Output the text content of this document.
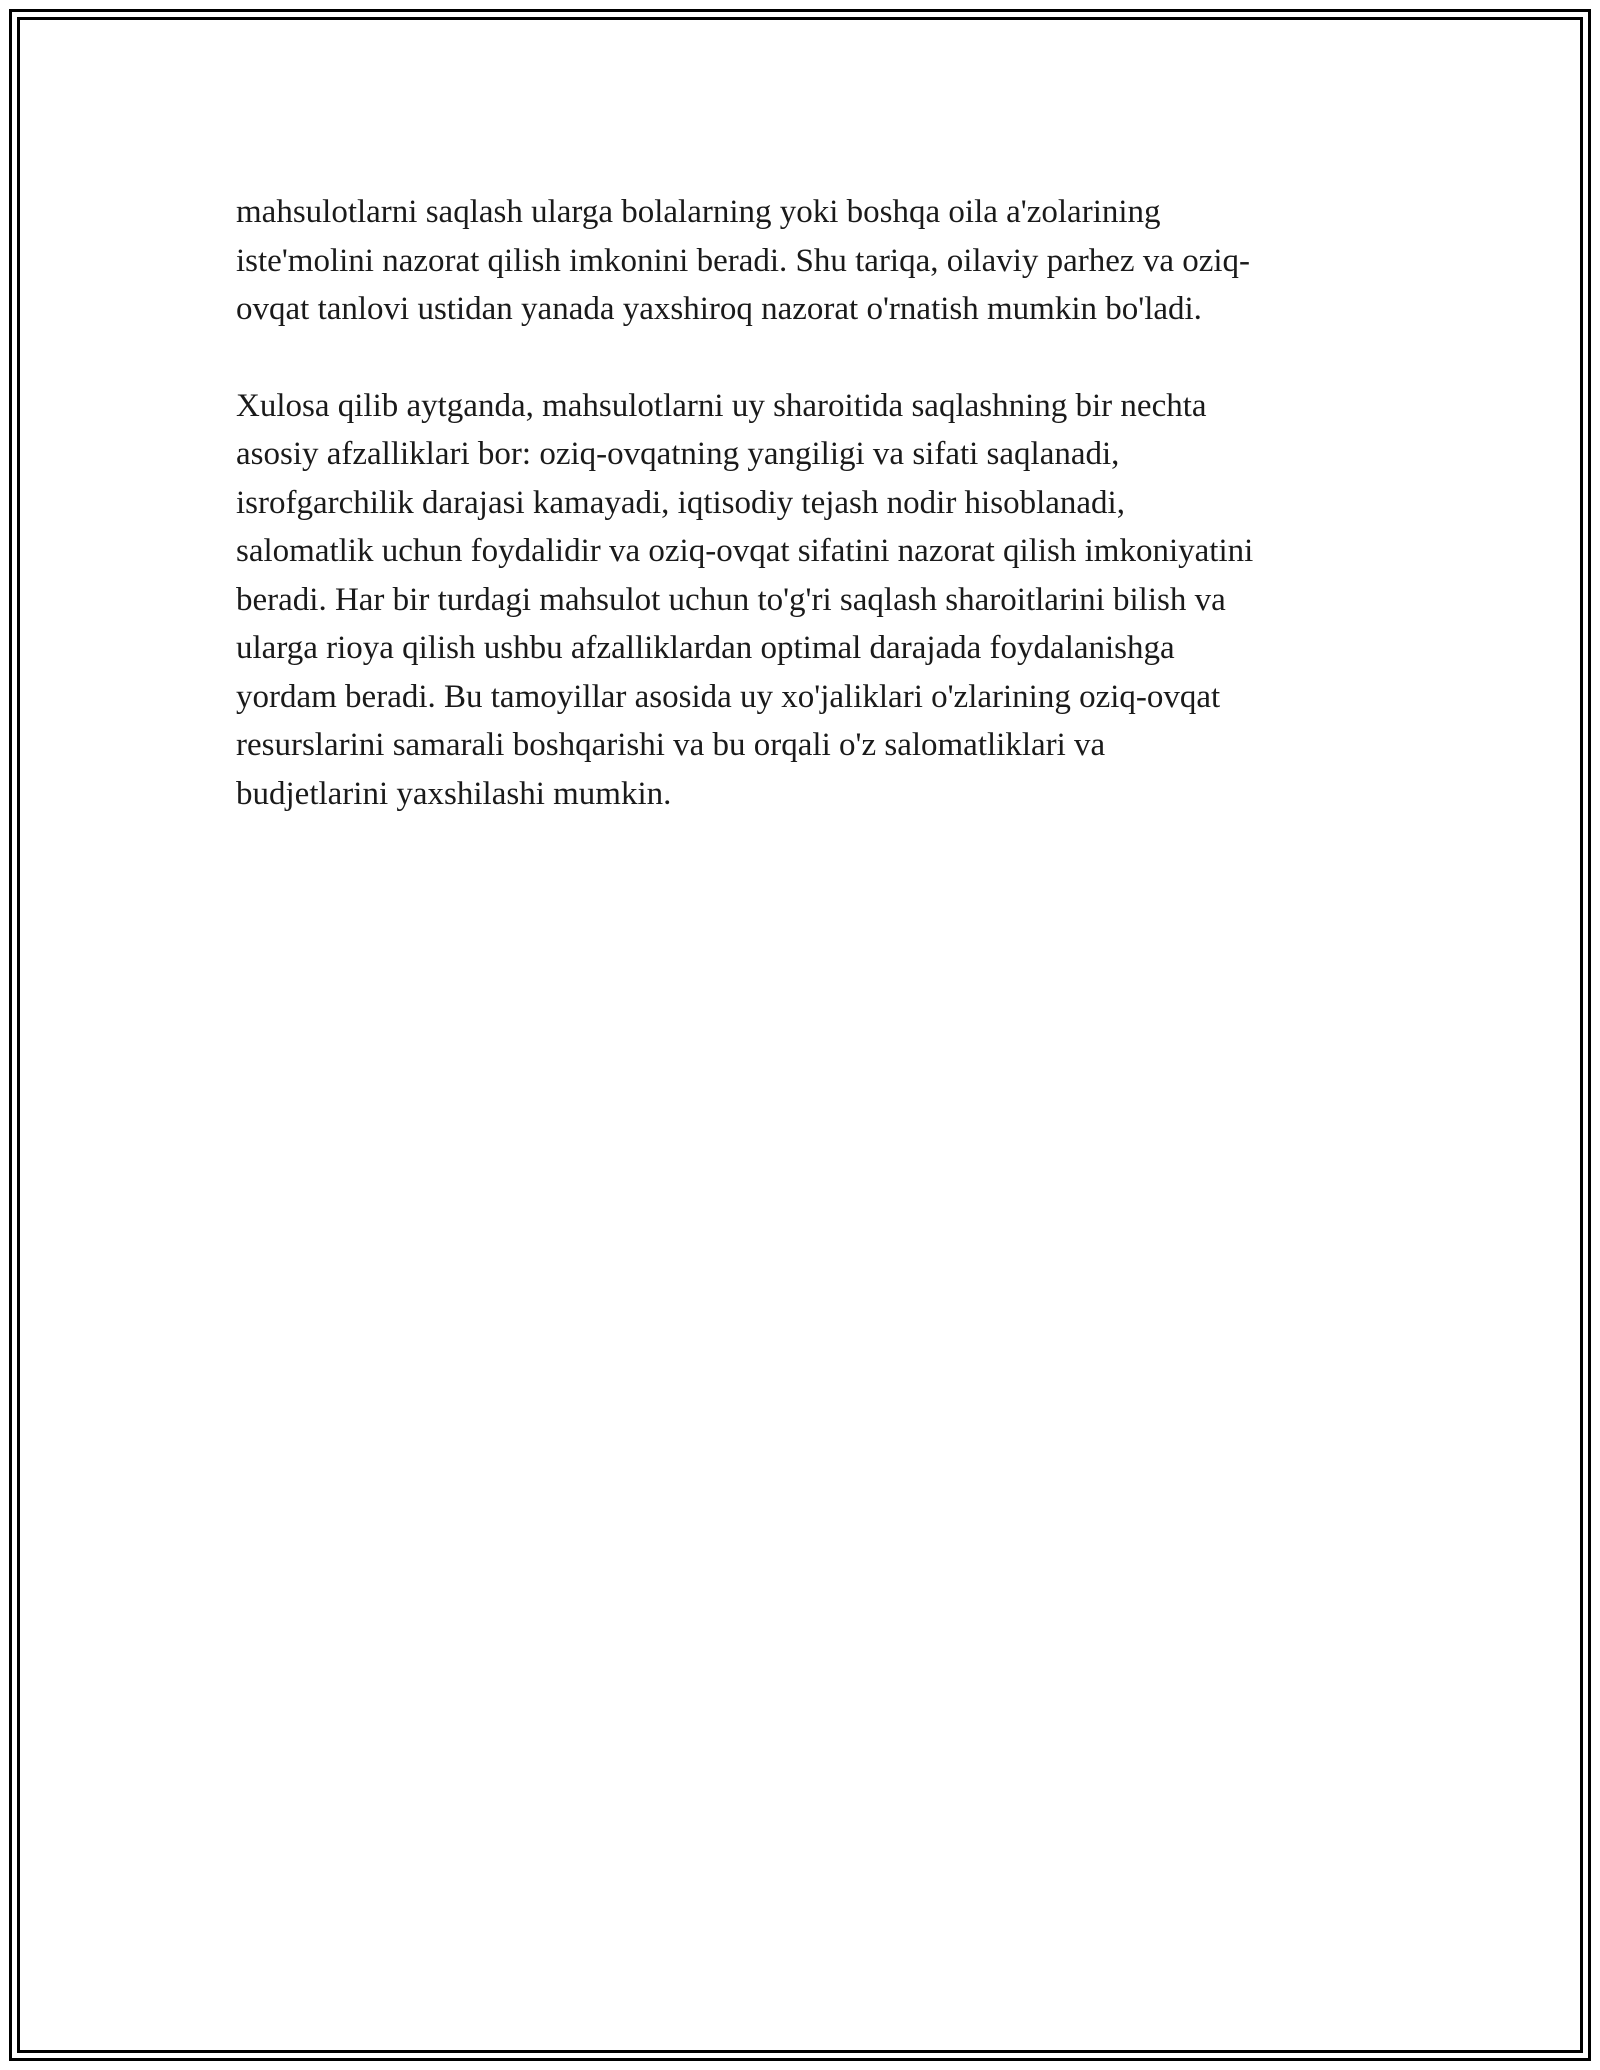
mahsulotlarni saqlash ularga bolalarning yoki boshqa oila a'zolarining
iste'molini nazorat qilish imkonini beradi. Shu tariqa, oilaviy parhez va oziq-
ovqat tanlovi ustidan yanada yaxshiroq nazorat o'rnatish mumkin bo'ladi.

Xulosa qilib aytganda, mahsulotlarni uy sharoitida saqlashning bir nechta
asosiy afzalliklari bor: oziq-ovqatning yangiligi va sifati saqlanadi,
isrofgarchilik darajasi kamayadi, iqtisodiy tejash nodir hisoblanadi,
salomatlik uchun foydalidir va oziq-ovqat sifatini nazorat qilish imkoniyatini
beradi. Har bir turdagi mahsulot uchun to'g'ri saqlash sharoitlarini bilish va
ularga rioya qilish ushbu afzalliklardan optimal darajada foydalanishga
yordam beradi. Bu tamoyillar asosida uy xo'jaliklari o'zlarining oziq-ovqat
resurslarini samarali boshqarishi va bu orqali o'z salomatliklari va
budjetlarini yaxshilashi mumkin.
